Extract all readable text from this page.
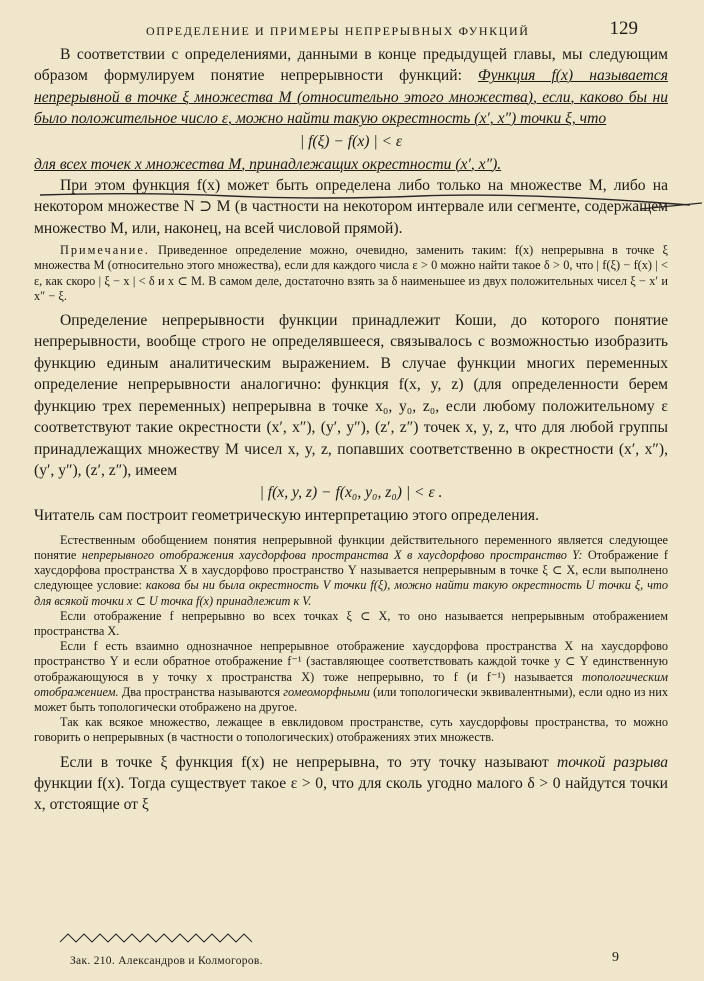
ОПРЕДЕЛЕНИЕ И ПРИМЕРЫ НЕПРЕРЫВНЫХ ФУНКЦИЙ	129

В соответствии с определениями, данными в конце предыдущей главы, мы следующим образом формулируем понятие непрерывности функций: Функция f(x) называется непрерывной в точке ξ множества M (относительно этого множества), если, каково бы ни было положительное число ε, можно найти такую окрестность (x′, x″) точки ξ, что

| f(ξ) − f(x) | < ε

для всех точек x множества M, принадлежащих окрестности (x′, x″).

При этом функция f(x) может быть определена либо только на множестве M, либо на некотором множестве N ⊃ M (в частности на некотором интервале или сегменте, содержащем множество M, или, наконец, на всей числовой прямой).

Примечание. Приведенное определение можно, очевидно, заменить таким: f(x) непрерывна в точке ξ множества M (относительно этого множества), если для каждого числа ε > 0 можно найти такое δ > 0, что | f(ξ) − f(x) | < ε, как скоро | ξ − x | < δ и x ⊂ M. В самом деле, достаточно взять за δ наименьшее из двух положительных чисел ξ − x′ и x″ − ξ.

Определение непрерывности функции принадлежит Коши, до которого понятие непрерывности, вообще строго не определявшееся, связывалось с возможностью изобразить функцию единым аналитическим выражением. В случае функции многих переменных определение непрерывности аналогично: функция f(x, y, z) (для определенности берем функцию трех переменных) непрерывна в точке x₀, y₀, z₀, если любому положительному ε соответствуют такие окрестности (x′, x″), (y′, y″), (z′, z″) точек x, y, z, что для любой группы принадлежащих множеству M чисел x, y, z, попавших соответственно в окрестности (x′, x″), (y′, y″), (z′, z″), имеем

| f(x, y, z) − f(x₀, y₀, z₀) | < ε .

Читатель сам построит геометрическую интерпретацию этого определения.

Естественным обобщением понятия непрерывной функции действительного переменного является следующее понятие непрерывного отображения хаусдорфова пространства X в хаусдорфово пространство Y: Отображение f хаусдорфова пространства X в хаусдорфово пространство Y называется непрерывным в точке ξ ⊂ X, если выполнено следующее условие: какова бы ни была окрестность V точки f(ξ), можно найти такую окрестность U точки ξ, что для всякой точки x ⊂ U точка f(x) принадлежит к V.

Если отображение f непрерывно во всех точках ξ ⊂ X, то оно называется непрерывным отображением пространства X.

Если f есть взаимно однозначное непрерывное отображение хаусдорфова пространства X на хаусдорфово пространство Y и если обратное отображение f⁻¹ (заставляющее соответствовать каждой точке y ⊂ Y единственную отображающуюся в y точку x пространства X) тоже непрерывно, то f (и f⁻¹) называется топологическим отображением. Два пространства называются гомеоморфными (или топологически эквивалентными), если одно из них может быть топологически отображено на другое.

Так как всякое множество, лежащее в евклидовом пространстве, суть хаусдорфовы пространства, то можно говорить о непрерывных (в частности о топологических) отображениях этих множеств.

Если в точке ξ функция f(x) не непрерывна, то эту точку называют точкой разрыва функции f(x). Тогда существует такое ε > 0, что для сколь угодно малого δ > 0 найдутся точки x, отстоящие от ξ

Зак. 210. Александров и Колмогоров.	9
